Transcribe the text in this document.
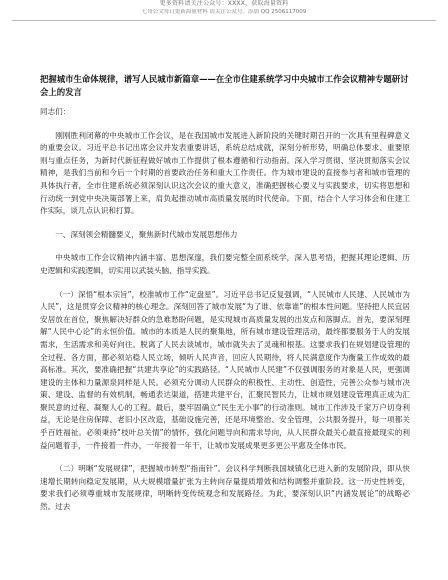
更多资料请关注公众号：XXXX，获取海量资料
七哥公文每日更新海量材料 请关注公众号。添加 QQ 2506117009
把握城市生命体规律，谱写人民城市新篇章——在全市住建系统学习中央城市工作会议精神专题研讨会上的发言

同志们：

刚刚胜利闭幕的中央城市工作会议，是在我国城市发展进入新阶段的关键时期召开的一次具有里程碑意义的重要会议。习近平总书记出席会议并发表重要讲话，系统总结成就，深刻分析形势，明确总体要求、重要原则与重点任务，为新时代新征程做好城市工作提供了根本遵循和行动指南。深入学习贯彻、坚决贯彻落实会议精神，是我们当前和今后一个时期的首要政治任务和重大工作责任。作为城市建设的直接参与者和城市管理的具体执行者，全市住建系统必须深刻认识这次会议的重大意义，准确把握核心要义与实践要求，切实将思想和行动统一到党中央决策部署上来，肩负起推动城市高质量发展的时代使命。下面，结合个人学习体会和住建工作实际，谈几点认识和打算。

一、深刻领会精髓要义，聚焦新时代城市发展思想伟力

中央城市工作会议精神内涵丰富、思想深邃，我们要完整全面系统学，深入思考悟，把握其理论逻辑、历史逻辑和实践逻辑，切实用以武装头脑、指导实践。

（一）深悟“根本宗旨”，校准城市工作“定盘星”。习近平总书记反复强调，“人民城市人民建、人民城市为人民”，这是贯穿会议精神的核心理念。深刻回答了城市发展“为了谁、依靠谁”的根本性问题。坚持把人民宜居安居放在首位，聚焦解决好群众的急难愁盼问题，是实现城市高质量发展的出发点和落脚点。首先，要深刻理解“人民中心论”的永恒价值。城市的本质是人民的聚集地，所有城市建设管理活动，最终都要服务于人的发展需求，生活需求和美好向往。脱离了人民去谈城市，城市就失去了灵魂和根基。这要求我们在规划建设管理的全过程、各方面，都必须站稳人民立场，倾听人民声音，回应人民期待，将人民满意度作为衡量工作成效的最高标准。其次，要准确把握“共建共享论”的实践路径。“人民城市人民建”不仅强调服务的对象是人民，更强调建设的主体和力量源泉同样是人民。必须充分调动人民群众的积极性、主动性、创造性，完善公众参与城市决策、建设、监督的有效机制，畅通表达渠道，搭建共建平台，汇聚民智民力，让城市规划建设管理真正成为汇聚民意的过程、凝聚人心的工程。最后，要牢固确立“民生无小事”的行动准则。城市工作涉及千家万户切身利益，无论是住房保障、老旧小区改造，基础设施完善，还是环境整治、安全管理，公共服务提升，每一项都关乎百姓福祉。必须秉持“枝叶总关情”的情怀，强化问题导向和需求导向，从人民群众最关心最直接最现实的利益问题着手，一件接着一件办，一年接着一年干，让城市发展成果更多更公平惠及全体市民。

（二）明晰“发展规律”，把握城市转型“指南针”。会议科学判断我国城镇化已进入新的发展阶段，即从快速增长期转向稳定发展期，从大规模增量扩张为主转向存量提质增效和结构调整并重阶段。这一历史性转变，要求我们必须尊重城市发展规律，明晰转变传统观念和发展路径。为此，要深刻认识“内涵发展论”的战略必然。过去
